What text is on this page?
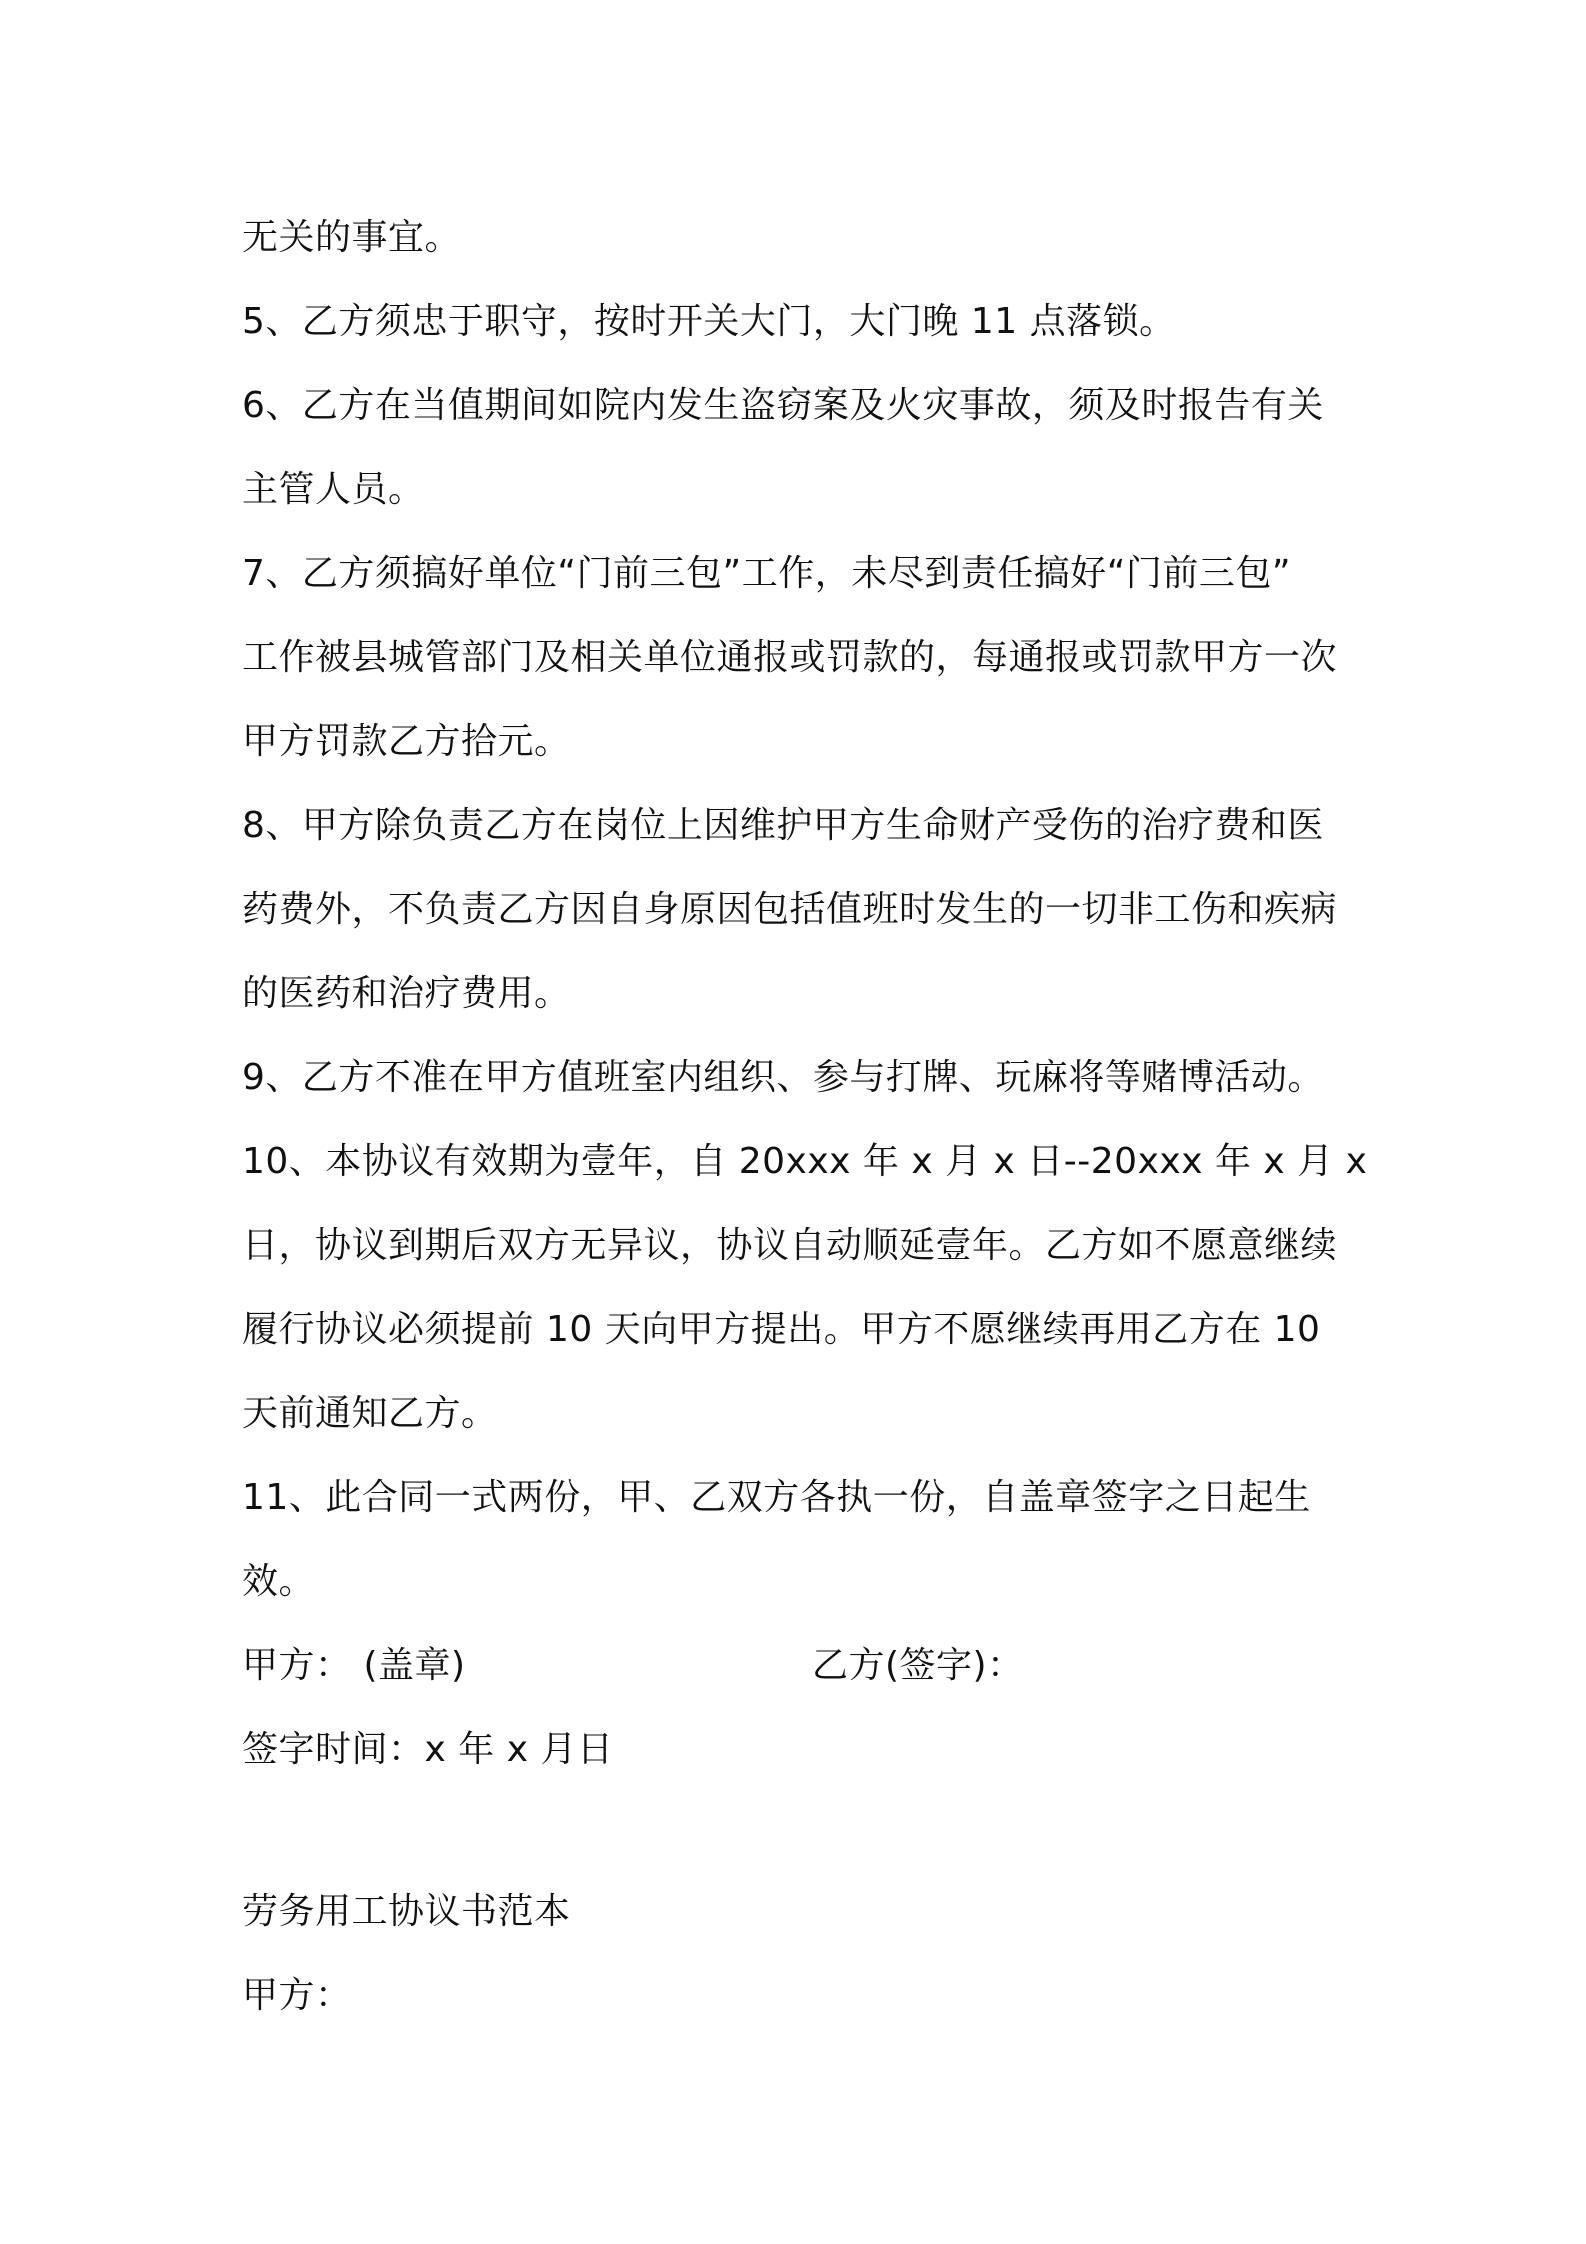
无关的事宜。
5、乙方须忠于职守，按时开关大门，大门晚 11 点落锁。
6、乙方在当值期间如院内发生盗窃案及火灾事故，须及时报告有关
主管人员。
7、乙方须搞好单位“门前三包”工作，未尽到责任搞好“门前三包”
工作被县城管部门及相关单位通报或罚款的，每通报或罚款甲方一次
甲方罚款乙方拾元。
8、甲方除负责乙方在岗位上因维护甲方生命财产受伤的治疗费和医
药费外，不负责乙方因自身原因包括值班时发生的一切非工伤和疾病
的医药和治疗费用。
9、乙方不准在甲方值班室内组织、参与打牌、玩麻将等赌博活动。
10、本协议有效期为壹年，自 20xxx 年 x 月 x 日--20xxx 年 x 月 x
日，协议到期后双方无异议，协议自动顺延壹年。乙方如不愿意继续
履行协议必须提前 10 天向甲方提出。甲方不愿继续再用乙方在 10
天前通知乙方。
11、此合同一式两份，甲、乙双方各执一份，自盖章签字之日起生
效。
甲方： (盖章)	乙方(签字)：
签字时间：x 年 x 月日
劳务用工协议书范本
甲方：
